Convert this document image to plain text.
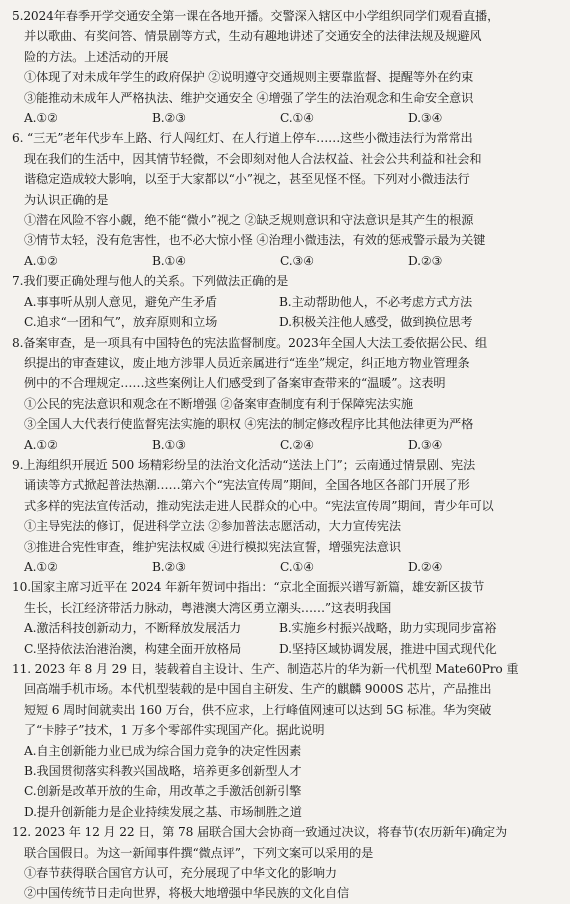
5.2024年春季开学交通安全第一课在各地开播。交警深入辖区中小学组织同学们观看直播，

并以歌曲、有奖问答、情景剧等方式，生动有趣地讲述了交通安全的法律法规及规避风

险的方法。上述活动的开展

①体现了对未成年学生的政府保护 ②说明遵守交通规则主要靠监督、提醒等外在约束

③能推动未成年人严格执法、维护交通安全 ④增强了学生的法治观念和生命安全意识

A.①②	B.②③	C.①④	D.③④

6. “三无”老年代步车上路、行人闯红灯、在人行道上停车……这些小微违法行为常常出

现在我们的生活中，因其情节轻微，不会即刻对他人合法权益、社会公共利益和社会和

谐稳定造成较大影响，以至于大家都以“小”视之，甚至见怪不怪。下列对小微违法行

为认识正确的是

①潜在风险不容小觑，绝不能“微小”视之 ②缺乏规则意识和守法意识是其产生的根源

③情节太轻，没有危害性，也不必大惊小怪 ④治理小微违法，有效的惩戒警示最为关键

A.①②	B.①④	C.③④	D.②③

7.我们要正确处理与他人的关系。下列做法正确的是

A.事事听从别人意见，避免产生矛盾	B.主动帮助他人，不必考虑方式方法
C.追求“一团和气”，放弃原则和立场	D.积极关注他人感受，做到换位思考

8.备案审查，是一项具有中国特色的宪法监督制度。2023年全国人大法工委依据公民、组

织提出的审查建议，废止地方涉罪人员近亲属进行“连坐”规定，纠正地方物业管理条

例中的不合理规定……这些案例让人们感受到了备案审查带来的“温暖”。这表明

①公民的宪法意识和观念在不断增强 ②备案审查制度有利于保障宪法实施

③全国人大代表行使监督宪法实施的职权 ④宪法的制定修改程序比其他法律更为严格

A.①②	B.①③	C.②④	D.③④

9.上海组织开展近 500 场精彩纷呈的法治文化活动“送法上门”；云南通过情景剧、宪法

诵读等方式掀起普法热潮……第六个“宪法宣传周”期间，全国各地区各部门开展了形

式多样的宪法宣传活动，推动宪法走进人民群众的心中。“宪法宣传周”期间，青少年可以

①主导宪法的修订，促进科学立法 ②参加普法志愿活动，大力宣传宪法

③推进合宪性审查，维护宪法权威 ④进行模拟宪法宣誓，增强宪法意识

A.①②	B.②③	C.①④	D.②④

10.国家主席习近平在 2024 年新年贺词中指出：“京北全面振兴谱写新篇，雄安新区拔节

生长，长江经济带活力脉动，粤港澳大湾区勇立潮头……”这表明我国

A.激活科技创新动力，不断释放发展活力	B.实施乡村振兴战略，助力实现同步富裕
C.坚持依法治港治澳，构建全面开放格局	D.坚持区域协调发展，推进中国式现代化

11. 2023 年 8 月 29 日，装载着自主设计、生产、制造芯片的华为新一代机型 Mate60Pro 重

回高端手机市场。本代机型装载的是中国自主研发、生产的麒麟 9000S 芯片，产品推出

短短 6 周时间就卖出 160 万台，供不应求，上行峰值网速可以达到 5G 标准。华为突破

了“卡脖子”技术，1 万多个零部件实现国产化。据此说明

A.自主创新能力业已成为综合国力竞争的决定性因素

B.我国贯彻落实科教兴国战略，培养更多创新型人才

C.创新是改革开放的生命，用改革之手激活创新引擎

D.提升创新能力是企业持续发展之基、市场制胜之道

12. 2023 年 12 月 22 日，第 78 届联合国大会协商一致通过决议，将春节(农历新年)确定为

联合国假日。为这一新闻事件撰“微点评”，下列文案可以采用的是

①春节获得联合国官方认可，充分展现了中华文化的影响力

②中国传统节日走向世界，将极大地增强中华民族的文化自信
